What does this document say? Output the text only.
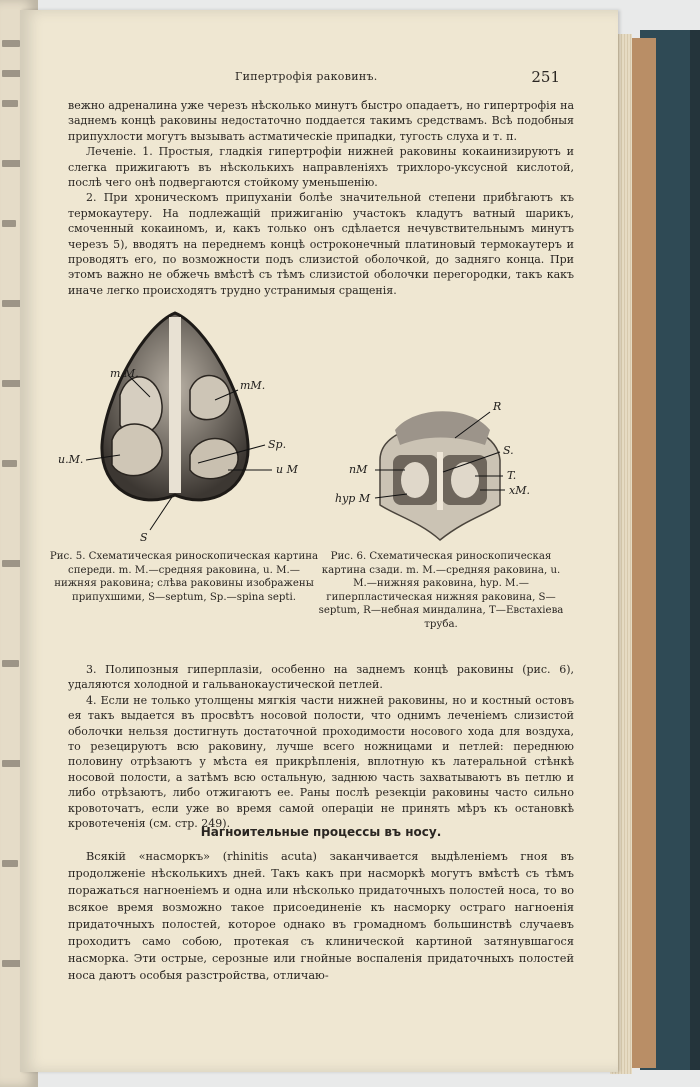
Гипертрофія раковинъ.	251

вежно адреналина уже черезъ нѣсколько минутъ быстро опадаетъ, но гипертрофія на заднемъ концѣ раковины недостаточно поддается такимъ средствамъ. Всѣ подобныя припухлости могутъ вызывать астматическіе припадки, тугость слуха и т. п.

Леченіе. 1. Простыя, гладкія гипертрофіи нижней раковины кокаинизируютъ и слегка прижигаютъ въ нѣсколькихъ направленіяхъ трихлоро-уксусной кислотой, послѣ чего онѣ подвергаются стойкому уменьшенію.

2. При хроническомъ припуханіи болѣе значительной степени прибѣгаютъ къ термокаутеру. На подлежащій прижиганію участокъ кладутъ ватный шарикъ, смоченный кокаиномъ, и, какъ только онъ сдѣлается нечувствительнымъ минутъ черезъ 5), вводятъ на переднемъ концѣ остроконечный платиновый термокаутеръ и проводятъ его, по возможности подъ слизистой оболочкой, до задняго конца. При этомъ важно не обжечь вмѣстѣ съ тѣмъ слизистой оболочки перегородки, такъ какъ иначе легко происходятъ трудно устранимыя сращенія.

m.M.
mM.
u.M.
Sp.
u M
S
Рис. 5. Схематическая риноскопическая картина спереди. m. M.—средняя раковина, u. M.—нижняя раковина; слѣва раковины изображены припухшими, S—septum, Sp.—spina septi.
R
S.
nM	T.
hyp M
xM.
Рис. 6. Схематическая риноскопическая картина сзади. m. M.—средняя раковина, u. M.—нижняя раковина, hyp. M.—гиперпластическая нижняя раковина, S—septum, R—небная миндалина, T—Евстахіева труба.

3. Полипозныя гиперплазіи, особенно на заднемъ концѣ раковины (рис. 6), удаляются холодной и гальванокаустической петлей.

4. Если не только утолщены мягкія части нижней раковины, но и костный остовъ ея такъ выдается въ просвѣтъ носовой полости, что однимъ леченіемъ слизистой оболочки нельзя достигнуть достаточной проходимости носового хода для воздуха, то резецируютъ всю раковину, лучше всего ножницами и петлей: переднюю половину отрѣзаютъ у мѣста ея прикрѣпленія, вплотную къ латеральной стѣнкѣ носовой полости, а затѣмъ всю остальную, заднюю часть захватываютъ въ петлю и либо отрѣзаютъ, либо отжигаютъ ее. Раны послѣ резекціи раковины часто сильно кровоточатъ, если уже во время самой операціи не принять мѣръ къ остановкѣ кровотеченія (см. стр. 249).

Нагноительные процессы въ носу.

Всякій «насморкъ» (rhinitis acuta) заканчивается выдѣленіемъ гноя въ продолженіе нѣсколькихъ дней. Такъ какъ при насморкѣ могутъ вмѣстѣ съ тѣмъ поражаться нагноеніемъ и одна или нѣсколько придаточныхъ полостей носа, то во всякое время возможно такое присоединеніе къ насморку остраго нагноенія придаточныхъ полостей, которое однако въ громадномъ большинствѣ случаевъ проходитъ само собою, протекая съ клинической картиной затянувшагося насморка. Эти острые, серозные или гнойные воспаленія придаточныхъ полостей носа даютъ особыя разстройства, отличаю-
